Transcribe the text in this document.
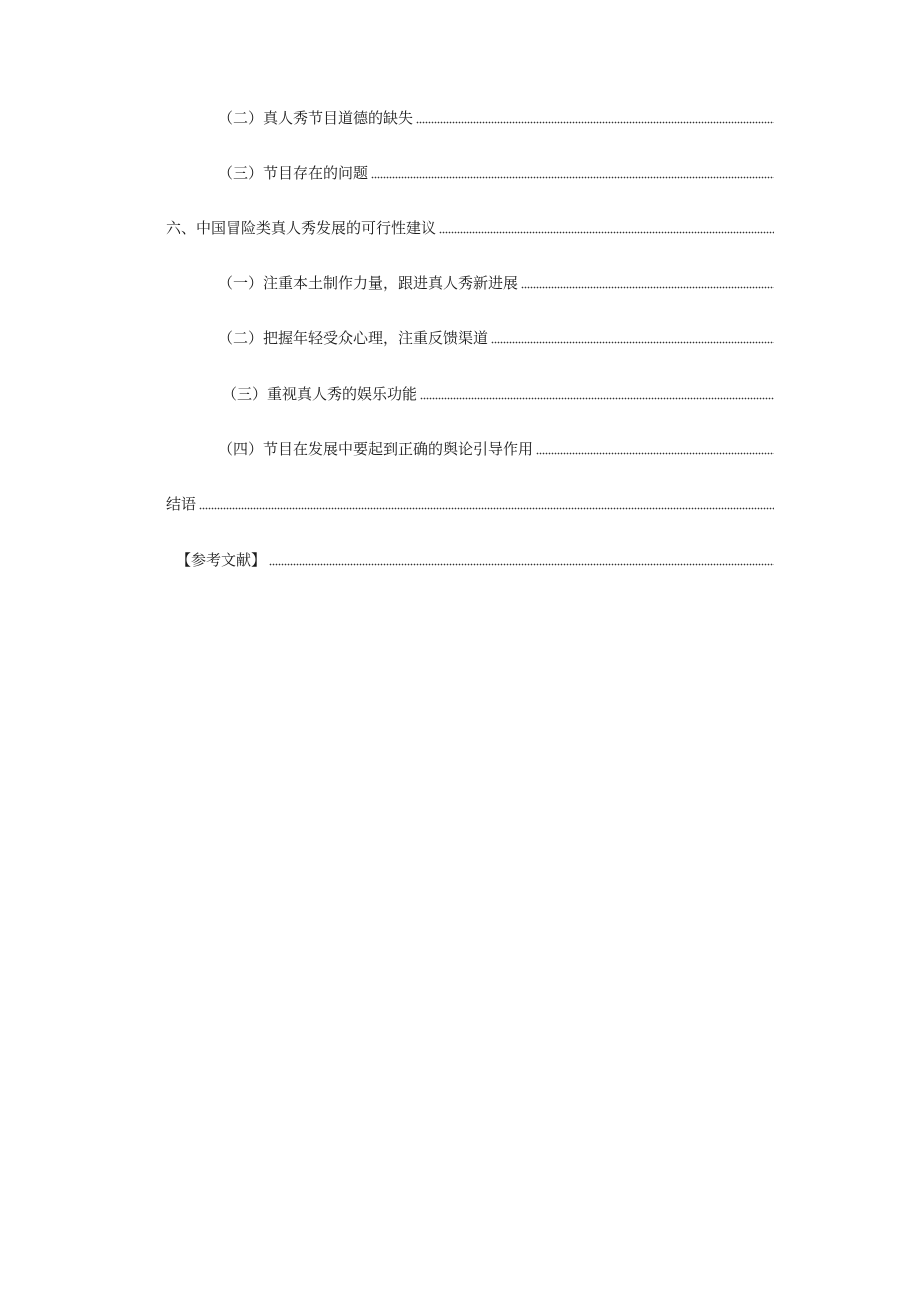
（二）真人秀节目道德的缺失
（三）节目存在的问题
六、中国冒险类真人秀发展的可行性建议
（一）注重本土制作力量，跟进真人秀新进展
（二）把握年轻受众心理，注重反馈渠道
（三）重视真人秀的娱乐功能
（四）节目在发展中要起到正确的舆论引导作用
结语
【参考文献】
